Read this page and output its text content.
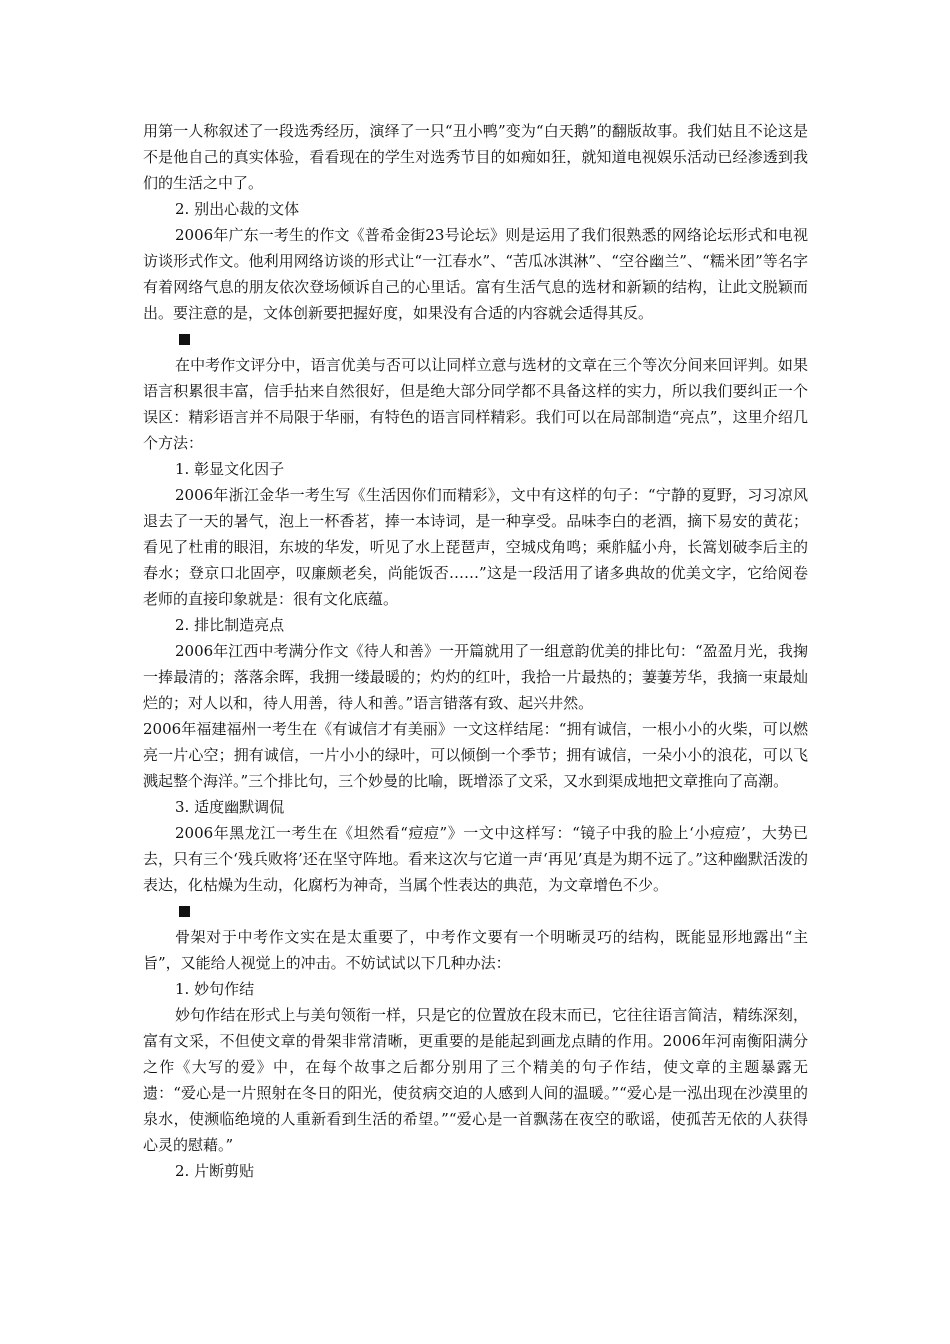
用第一人称叙述了一段选秀经历，演绎了一只“丑小鸭”变为“白天鹅”的翻版故事。我们姑且不论这是不是他自己的真实体验，看看现在的学生对选秀节目的如痴如狂，就知道电视娱乐活动已经渗透到我们的生活之中了。

2. 别出心裁的文体

2006年广东一考生的作文《普希金街23号论坛》则是运用了我们很熟悉的网络论坛形式和电视访谈形式作文。他利用网络访谈的形式让“一江春水”、“苦瓜冰淇淋”、“空谷幽兰”、“糯米团”等名字有着网络气息的朋友依次登场倾诉自己的心里话。富有生活气息的选材和新颖的结构，让此文脱颖而出。要注意的是，文体创新要把握好度，如果没有合适的内容就会适得其反。

在中考作文评分中，语言优美与否可以让同样立意与选材的文章在三个等次分间来回评判。如果语言积累很丰富，信手拈来自然很好，但是绝大部分同学都不具备这样的实力，所以我们要纠正一个误区：精彩语言并不局限于华丽，有特色的语言同样精彩。我们可以在局部制造“亮点”，这里介绍几个方法：

1. 彰显文化因子

2006年浙江金华一考生写《生活因你们而精彩》，文中有这样的句子：“宁静的夏野，习习凉风退去了一天的暑气，泡上一杯香茗，捧一本诗词，是一种享受。品味李白的老酒，摘下易安的黄花；看见了杜甫的眼泪，东坡的华发，听见了水上琵琶声，空城戍角鸣；乘舴艋小舟，长篙划破李后主的春水；登京口北固亭，叹廉颇老矣，尚能饭否……”这是一段活用了诸多典故的优美文字，它给阅卷老师的直接印象就是：很有文化底蕴。

2. 排比制造亮点

2006年江西中考满分作文《待人和善》一开篇就用了一组意韵优美的排比句：“盈盈月光，我掬一捧最清的；落落余晖，我拥一缕最暖的；灼灼的红叶，我拾一片最热的；萋萋芳华，我摘一束最灿烂的；对人以和，待人用善，待人和善。”语言错落有致、起兴井然。

2006年福建福州一考生在《有诚信才有美丽》一文这样结尾：“拥有诚信，一根小小的火柴，可以燃亮一片心空；拥有诚信，一片小小的绿叶，可以倾倒一个季节；拥有诚信，一朵小小的浪花，可以飞溅起整个海洋。”三个排比句，三个妙曼的比喻，既增添了文采，又水到渠成地把文章推向了高潮。

3. 适度幽默调侃

2006年黑龙江一考生在《坦然看“痘痘”》一文中这样写：“镜子中我的脸上‘小痘痘’，大势已去，只有三个‘残兵败将’还在坚守阵地。看来这次与它道一声‘再见’真是为期不远了。”这种幽默活泼的表达，化枯燥为生动，化腐朽为神奇，当属个性表达的典范，为文章增色不少。

骨架对于中考作文实在是太重要了，中考作文要有一个明晰灵巧的结构，既能显形地露出“主旨”，又能给人视觉上的冲击。不妨试试以下几种办法：

1. 妙句作结

妙句作结在形式上与美句领衔一样，只是它的位置放在段末而已，它往往语言简洁，精练深刻，富有文采，不但使文章的骨架非常清晰，更重要的是能起到画龙点睛的作用。2006年河南衡阳满分之作《大写的爱》中，在每个故事之后都分别用了三个精美的句子作结，使文章的主题暴露无遗：“爱心是一片照射在冬日的阳光，使贫病交迫的人感到人间的温暖。”“爱心是一泓出现在沙漠里的泉水，使濒临绝境的人重新看到生活的希望。”“爱心是一首飘荡在夜空的歌谣，使孤苦无依的人获得心灵的慰藉。”

2. 片断剪贴
